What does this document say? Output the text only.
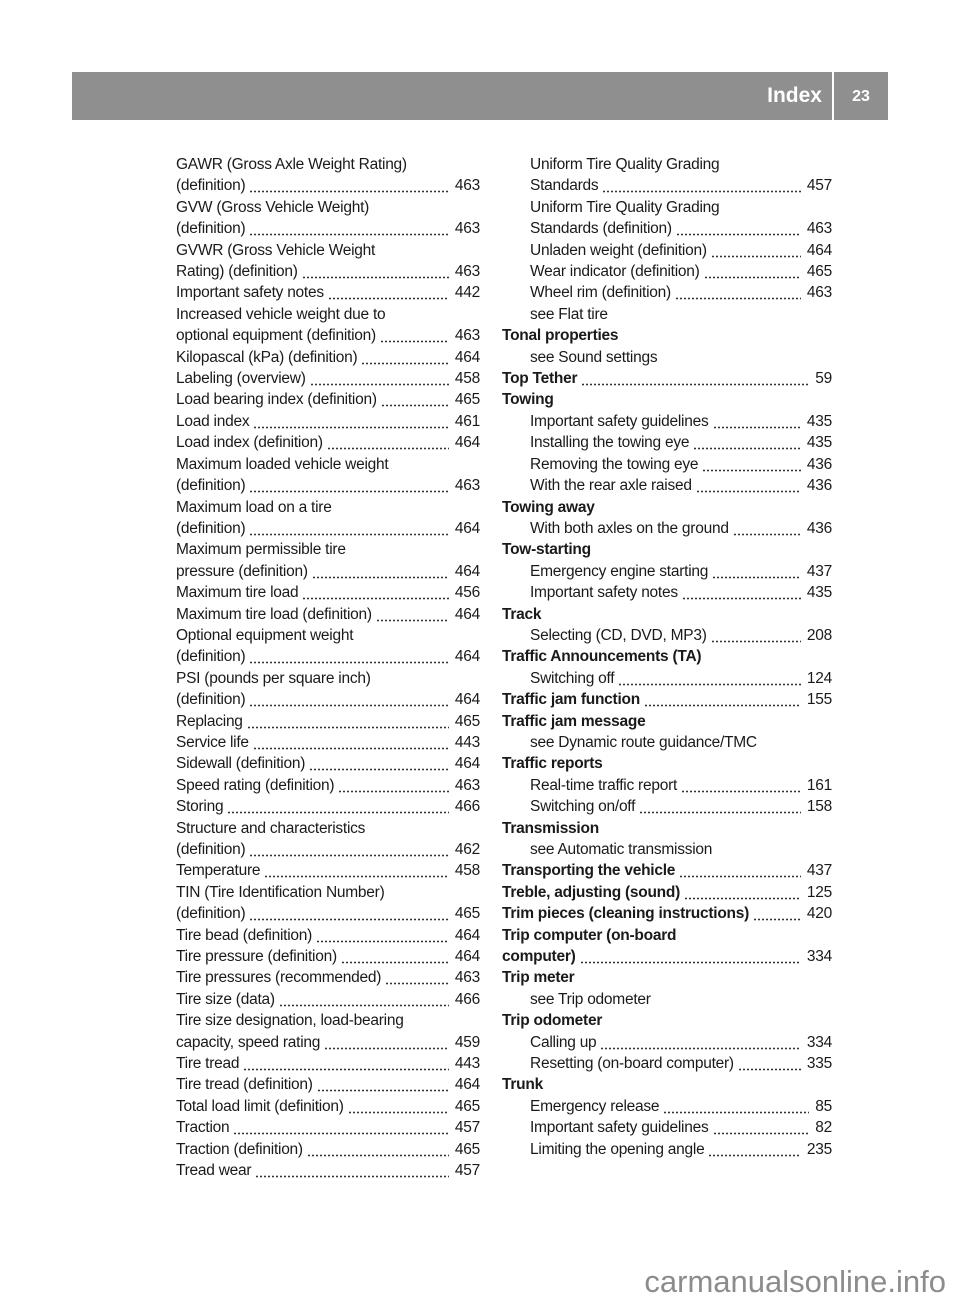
Index	23
GAWR (Gross Axle Weight Rating)
(definition)	463
GVW (Gross Vehicle Weight)
(definition)	463
GVWR (Gross Vehicle Weight
Rating) (definition)	463
Important safety notes	442
Increased vehicle weight due to
optional equipment (definition)	463
Kilopascal (kPa) (definition)	464
Labeling (overview)	458
Load bearing index (definition)	465
Load index	461
Load index (definition)	464
Maximum loaded vehicle weight
(definition)	463
Maximum load on a tire
(definition)	464
Maximum permissible tire
pressure (definition)	464
Maximum tire load	456
Maximum tire load (definition)	464
Optional equipment weight
(definition)	464
PSI (pounds per square inch)
(definition)	464
Replacing	465
Service life	443
Sidewall (definition)	464
Speed rating (definition)	463
Storing	466
Structure and characteristics
(definition)	462
Temperature	458
TIN (Tire Identification Number)
(definition)	465
Tire bead (definition)	464
Tire pressure (definition)	464
Tire pressures (recommended)	463
Tire size (data)	466
Tire size designation, load-bearing
capacity, speed rating	459
Tire tread	443
Tire tread (definition)	464
Total load limit (definition)	465
Traction	457
Traction (definition)	465
Tread wear	457
Uniform Tire Quality Grading
Standards	457
Uniform Tire Quality Grading
Standards (definition)	463
Unladen weight (definition)	464
Wear indicator (definition)	465
Wheel rim (definition)	463
see Flat tire
Tonal properties
see Sound settings
Top Tether	59
Towing
Important safety guidelines	435
Installing the towing eye	435
Removing the towing eye	436
With the rear axle raised	436
Towing away
With both axles on the ground	436
Tow-starting
Emergency engine starting	437
Important safety notes	435
Track
Selecting (CD, DVD, MP3)	208
Traffic Announcements (TA)
Switching off	124
Traffic jam function	155
Traffic jam message
see Dynamic route guidance/TMC
Traffic reports
Real-time traffic report	161
Switching on/off	158
Transmission
see Automatic transmission
Transporting the vehicle	437
Treble, adjusting (sound)	125
Trim pieces (cleaning instructions)	420
Trip computer (on-board
computer)	334
Trip meter
see Trip odometer
Trip odometer
Calling up	334
Resetting (on-board computer)	335
Trunk
Emergency release	85
Important safety guidelines	82
Limiting the opening angle	235
carmanualsonline.info
